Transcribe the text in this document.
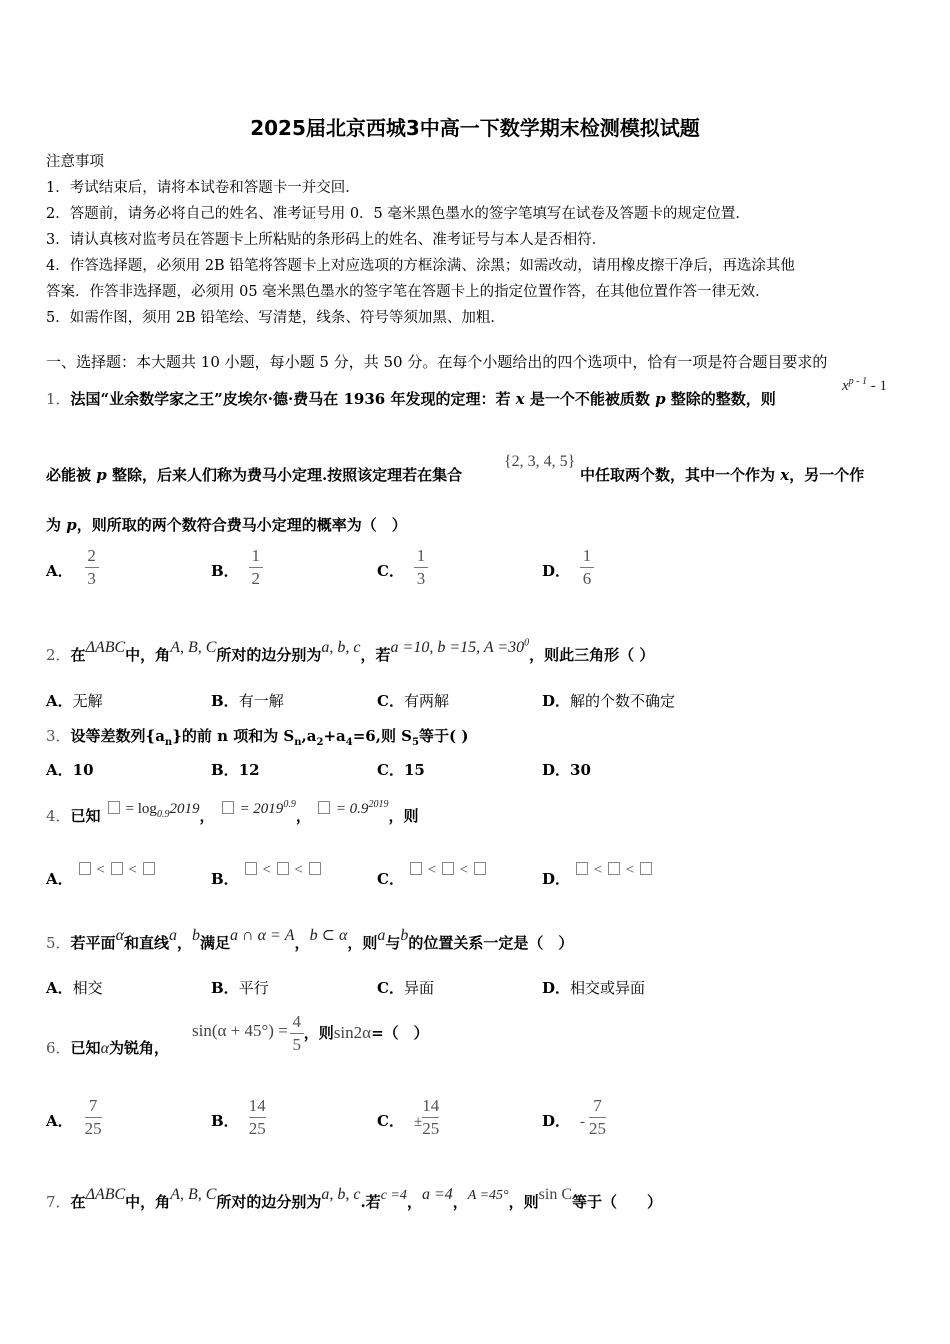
2025届北京西城3中高一下数学期末检测模拟试题
注意事项
1．考试结束后，请将本试卷和答题卡一并交回．
2．答题前，请务必将自己的姓名、准考证号用 0．5 毫米黑色墨水的签字笔填写在试卷及答题卡的规定位置．
3．请认真核对监考员在答题卡上所粘贴的条形码上的姓名、准考证号与本人是否相符．
4．作答选择题，必须用 2B 铅笔将答题卡上对应选项的方框涂满、涂黑；如需改动，请用橡皮擦干净后，再选涂其他
答案．作答非选择题，必须用 05 毫米黑色墨水的签字笔在答题卡上的指定位置作答，在其他位置作答一律无效．
5．如需作图，须用 2B 铅笔绘、写清楚，线条、符号等须加黑、加粗．
一、选择题：本大题共 10 小题，每小题 5 分，共 50 分。在每个小题给出的四个选项中，恰有一项是符合题目要求的
1．法国“业余数学家之王”皮埃尔·德·费马在 1936 年发现的定理：若 x 是一个不能被质数 p 整除的整数，则
$x^{p - 1} - 1$
必能被 p 整除，后来人们称为费马小定理.按照该定理若在集合
{2, 3, 4, 5}
中任取两个数，其中一个作为 x，另一个作
为 p，则所取的两个数符合费马小定理的概率为（　）
A． $\frac{2}{3}$	B． $\frac{1}{2}$	C． $\frac{1}{3}$	D． $\frac{1}{6}$
2．在ΔABC中，角A, B, C所对的边分别为a, b, c，若a =10, b =15, $A =30^0$，则此三角形（ ）
A．无解	B．有一解	C．有两解	D．解的个数不确定
3．设等差数列$\{a_n\}$的前 n 项和为 $S_n,a_2+a_4=6$,则 $S_5$等于( )
A．10	B．12	C．15	D．30
4．已知  = $\log_{0.9}2019$，  = $2019^{0.9}$，  = $0.9^{2019}$，则
A． < <	B． < <	C． < <	D． < <
5．若平面α和直线a，b满足a ∩ α = A，b ⊂ α，则a与b的位置关系一定是（　）
A．相交	B．平行	C．异面	D．相交或异面
6．已知α为锐角，
$\sin(\alpha + 45^\circ) = \frac{4}{5}$ ，则sin2α=（　）
A． $\frac{7}{25}$	B． $\frac{14}{25}$	C． ± $\frac{14}{25}$	D． - $\frac{7}{25}$
7．在ΔABC中，角A, B, C所对的边分别为a, b, c.若c =4，a =4，A =45°，则sin C等于（　　）
